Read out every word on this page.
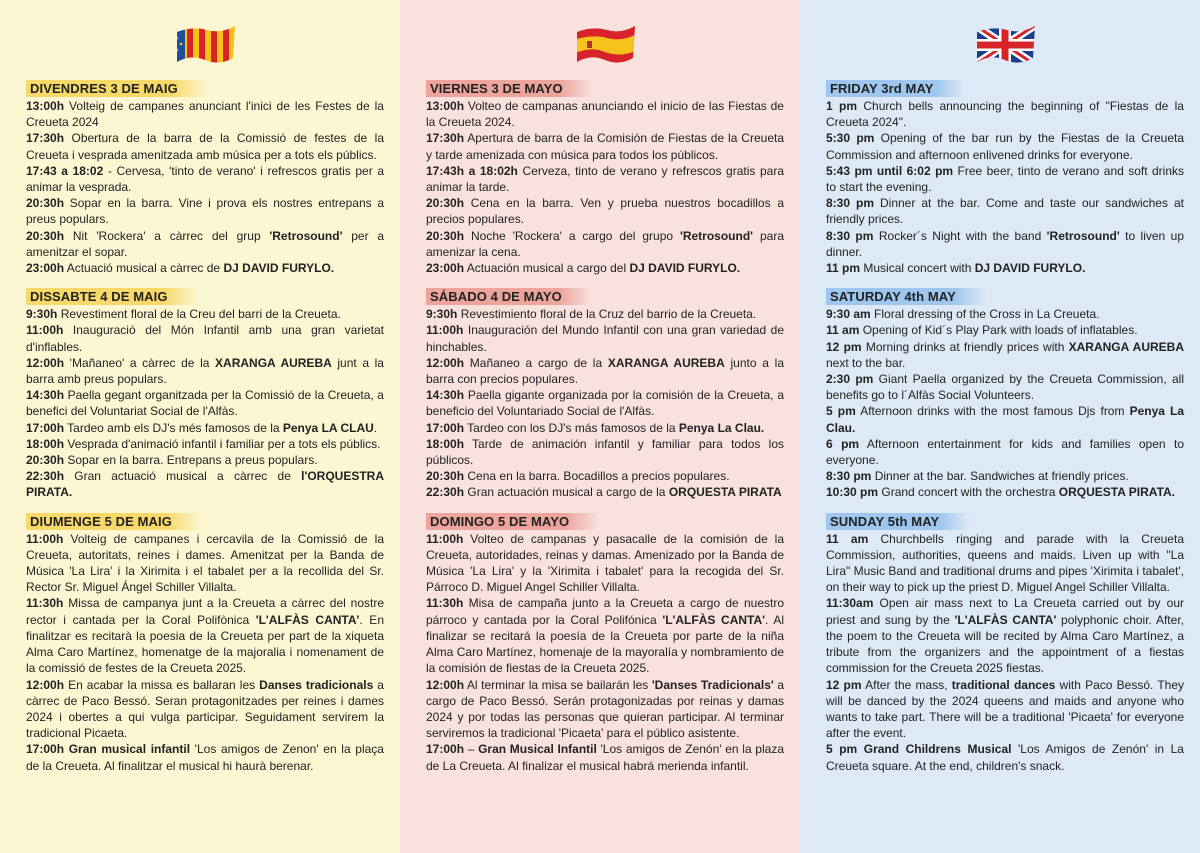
DIVENDRES 3 DE MAIG

13:00h Volteig de campanes anunciant l'inici de les Festes de la Creueta 2024

17:30h Obertura de la barra de la Comissió de festes de la Creueta i vesprada amenitzada amb música per a tots els públics.

17:43 a 18:02 - Cervesa, 'tinto de verano' i refrescos gratis per a animar la vesprada.

20:30h Sopar en la barra. Vine i prova els nostres entrepans a preus populars.

20:30h Nit 'Rockera' a càrrec del grup 'Retrosound' per a amenitzar el sopar.

23:00h Actuació musical a càrrec de DJ DAVID FURYLO.

DISSABTE 4 DE MAIG

9:30h Revestiment floral de la Creu del barri de la Creueta.

11:00h Inauguració del Món Infantil amb una gran varietat d'inflables.

12:00h 'Mañaneo' a càrrec de la XARANGA AUREBA junt a la barra amb preus populars.

14:30h Paella gegant organitzada per la Comissió de la Creueta, a benefici del Voluntariat Social de l'Alfàs.

17:00h Tardeo amb els DJ's més famosos de la Penya LA CLAU.

18:00h Vesprada d'animació infantil i familiar per a tots els públics.

20:30h Sopar en la barra. Entrepans a preus populars.

22:30h Gran actuació musical a càrrec de l'ORQUESTRA PIRATA.

DIUMENGE 5 DE MAIG

11:00h Volteig de campanes i cercavila de la Comissió de la Creueta, autoritats, reines i dames. Amenitzat per la Banda de Música 'La Lira' i la Xirimita i el tabalet per a la recollida del Sr. Rector Sr. Miguel Ángel Schiller Villalta.

11:30h Missa de campanya junt a la Creueta a càrrec del nostre rector i cantada per la Coral Polifònica 'L'ALFÀS CANTA'. En finalitzar es recitarà la poesia de la Creueta per part de la xiqueta Alma Caro Martínez, homenatge de la majoralia i nomenament de la comissió de festes de la Creueta 2025.

12:00h En acabar la missa es ballaran les Danses tradicionals a càrrec de Paco Bessó. Seran protagonitzades per reines i dames 2024 i obertes a qui vulga participar. Seguidament servirem la tradicional Picaeta.

17:00h Gran musical infantil 'Los amigos de Zenon' en la plaça de la Creueta. Al finalitzar el musical hi haurà berenar.

VIERNES 3 DE MAYO

13:00h Volteo de campanas anunciando el inicio de las Fiestas de la Creueta 2024.

17:30h Apertura de barra de la Comisión de Fiestas de la Creueta y tarde amenizada con música para todos los públicos.

17:43h a 18:02h Cerveza, tinto de verano y refrescos gratis para animar la tarde.

20:30h Cena en la barra. Ven y prueba nuestros bocadillos a precios populares.

20:30h Noche 'Rockera' a cargo del grupo 'Retrosound' para amenizar la cena.

23:00h Actuación musical a cargo del DJ DAVID FURYLO.

SÁBADO 4 DE MAYO

9:30h Revestimiento floral de la Cruz del barrio de la Creueta.

11:00h Inauguración del Mundo Infantil con una gran variedad de hinchables.

12:00h Mañaneo a cargo de la XARANGA AUREBA junto a la barra con precios populares.

14:30h Paella gigante organizada por la comisión de la Creueta, a beneficio del Voluntariado Social de l'Alfàs.

17:00h Tardeo con los DJ's más famosos de la Penya La Clau.

18:00h Tarde de animación infantil y familiar para todos los públicos.

20:30h Cena en la barra. Bocadillos a precios populares.

22:30h Gran actuación musical a cargo de la ORQUESTA PIRATA

DOMINGO 5 DE MAYO

11:00h Volteo de campanas y pasacalle de la comisión de la Creueta, autoridades, reinas y damas. Amenizado por la Banda de Música 'La Lira' y la 'Xirimita i tabalet' para la recogida del Sr. Párroco D. Miguel Angel Schiller Villalta.

11:30h Misa de campaña junto a la Creueta a cargo de nuestro párroco y cantada por la Coral Polifónica 'L'ALFÀS CANTA'. Al finalizar se recitará la poesía de la Creueta por parte de la niña Alma Caro Martínez, homenaje de la mayoralía y nombramiento de la comisión de fiestas de la Creueta 2025.

12:00h Al terminar la misa se bailarán les 'Danses Tradicionals' a cargo de Paco Bessó. Serán protagonizadas por reinas y damas 2024 y por todas las personas que quieran participar. Al terminar serviremos la tradicional 'Picaeta' para el público asistente.

17:00h – Gran Musical Infantil 'Los amigos de Zenón' en la plaza de La Creueta. Al finalizar el musical habrá merienda infantil.

FRIDAY 3rd MAY

1 pm Church bells announcing the beginning of "Fiestas de la Creueta 2024".

5:30 pm Opening of the bar run by the Fiestas de la Creueta Commission and afternoon enlivened drinks for everyone.

5:43 pm until 6:02 pm Free beer, tinto de verano and soft drinks to start the evening.

8:30 pm Dinner at the bar. Come and taste our sandwiches at friendly prices.

8:30 pm Rocker´s Night with the band 'Retrosound' to liven up dinner.

11 pm Musical concert with DJ DAVID FURYLO.

SATURDAY 4th MAY

9:30 am Floral dressing of the Cross in La Creueta.

11 am Opening of Kid´s Play Park with loads of inflatables.

12 pm Morning drinks at friendly prices with XARANGA AUREBA next to the bar.

2:30 pm Giant Paella organized by the Creueta Commission, all benefits go to l´Alfàs Social Volunteers.

5 pm Afternoon drinks with the most famous Djs from Penya La Clau.

6 pm Afternoon entertainment for kids and families open to everyone.

8:30 pm Dinner at the bar. Sandwiches at friendly prices.

10:30 pm Grand concert with the orchestra ORQUESTA PIRATA.

SUNDAY 5th MAY

11 am Churchbells ringing and parade with la Creueta Commission, authorities, queens and maids. Liven up with "La Lira" Music Band and traditional drums and pipes 'Xirimita i tabalet', on their way to pick up the priest D. Miguel Angel Schiller Villalta.

11:30am Open air mass next to La Creueta carried out by our priest and sung by the 'L'ALFÀS CANTA' polyphonic choir. After, the poem to the Creueta will be recited by Alma Caro Martínez, a tribute from the organizers and the appointment of a fiestas commission for the Creueta 2025 fiestas.

12 pm After the mass, traditional dances with Paco Bessó. They will be danced by the 2024 queens and maids and anyone who wants to take part. There will be a traditional 'Picaeta' for everyone after the event.

5 pm Grand Childrens Musical 'Los Amigos de Zenón' in La Creueta square. At the end, children's snack.
